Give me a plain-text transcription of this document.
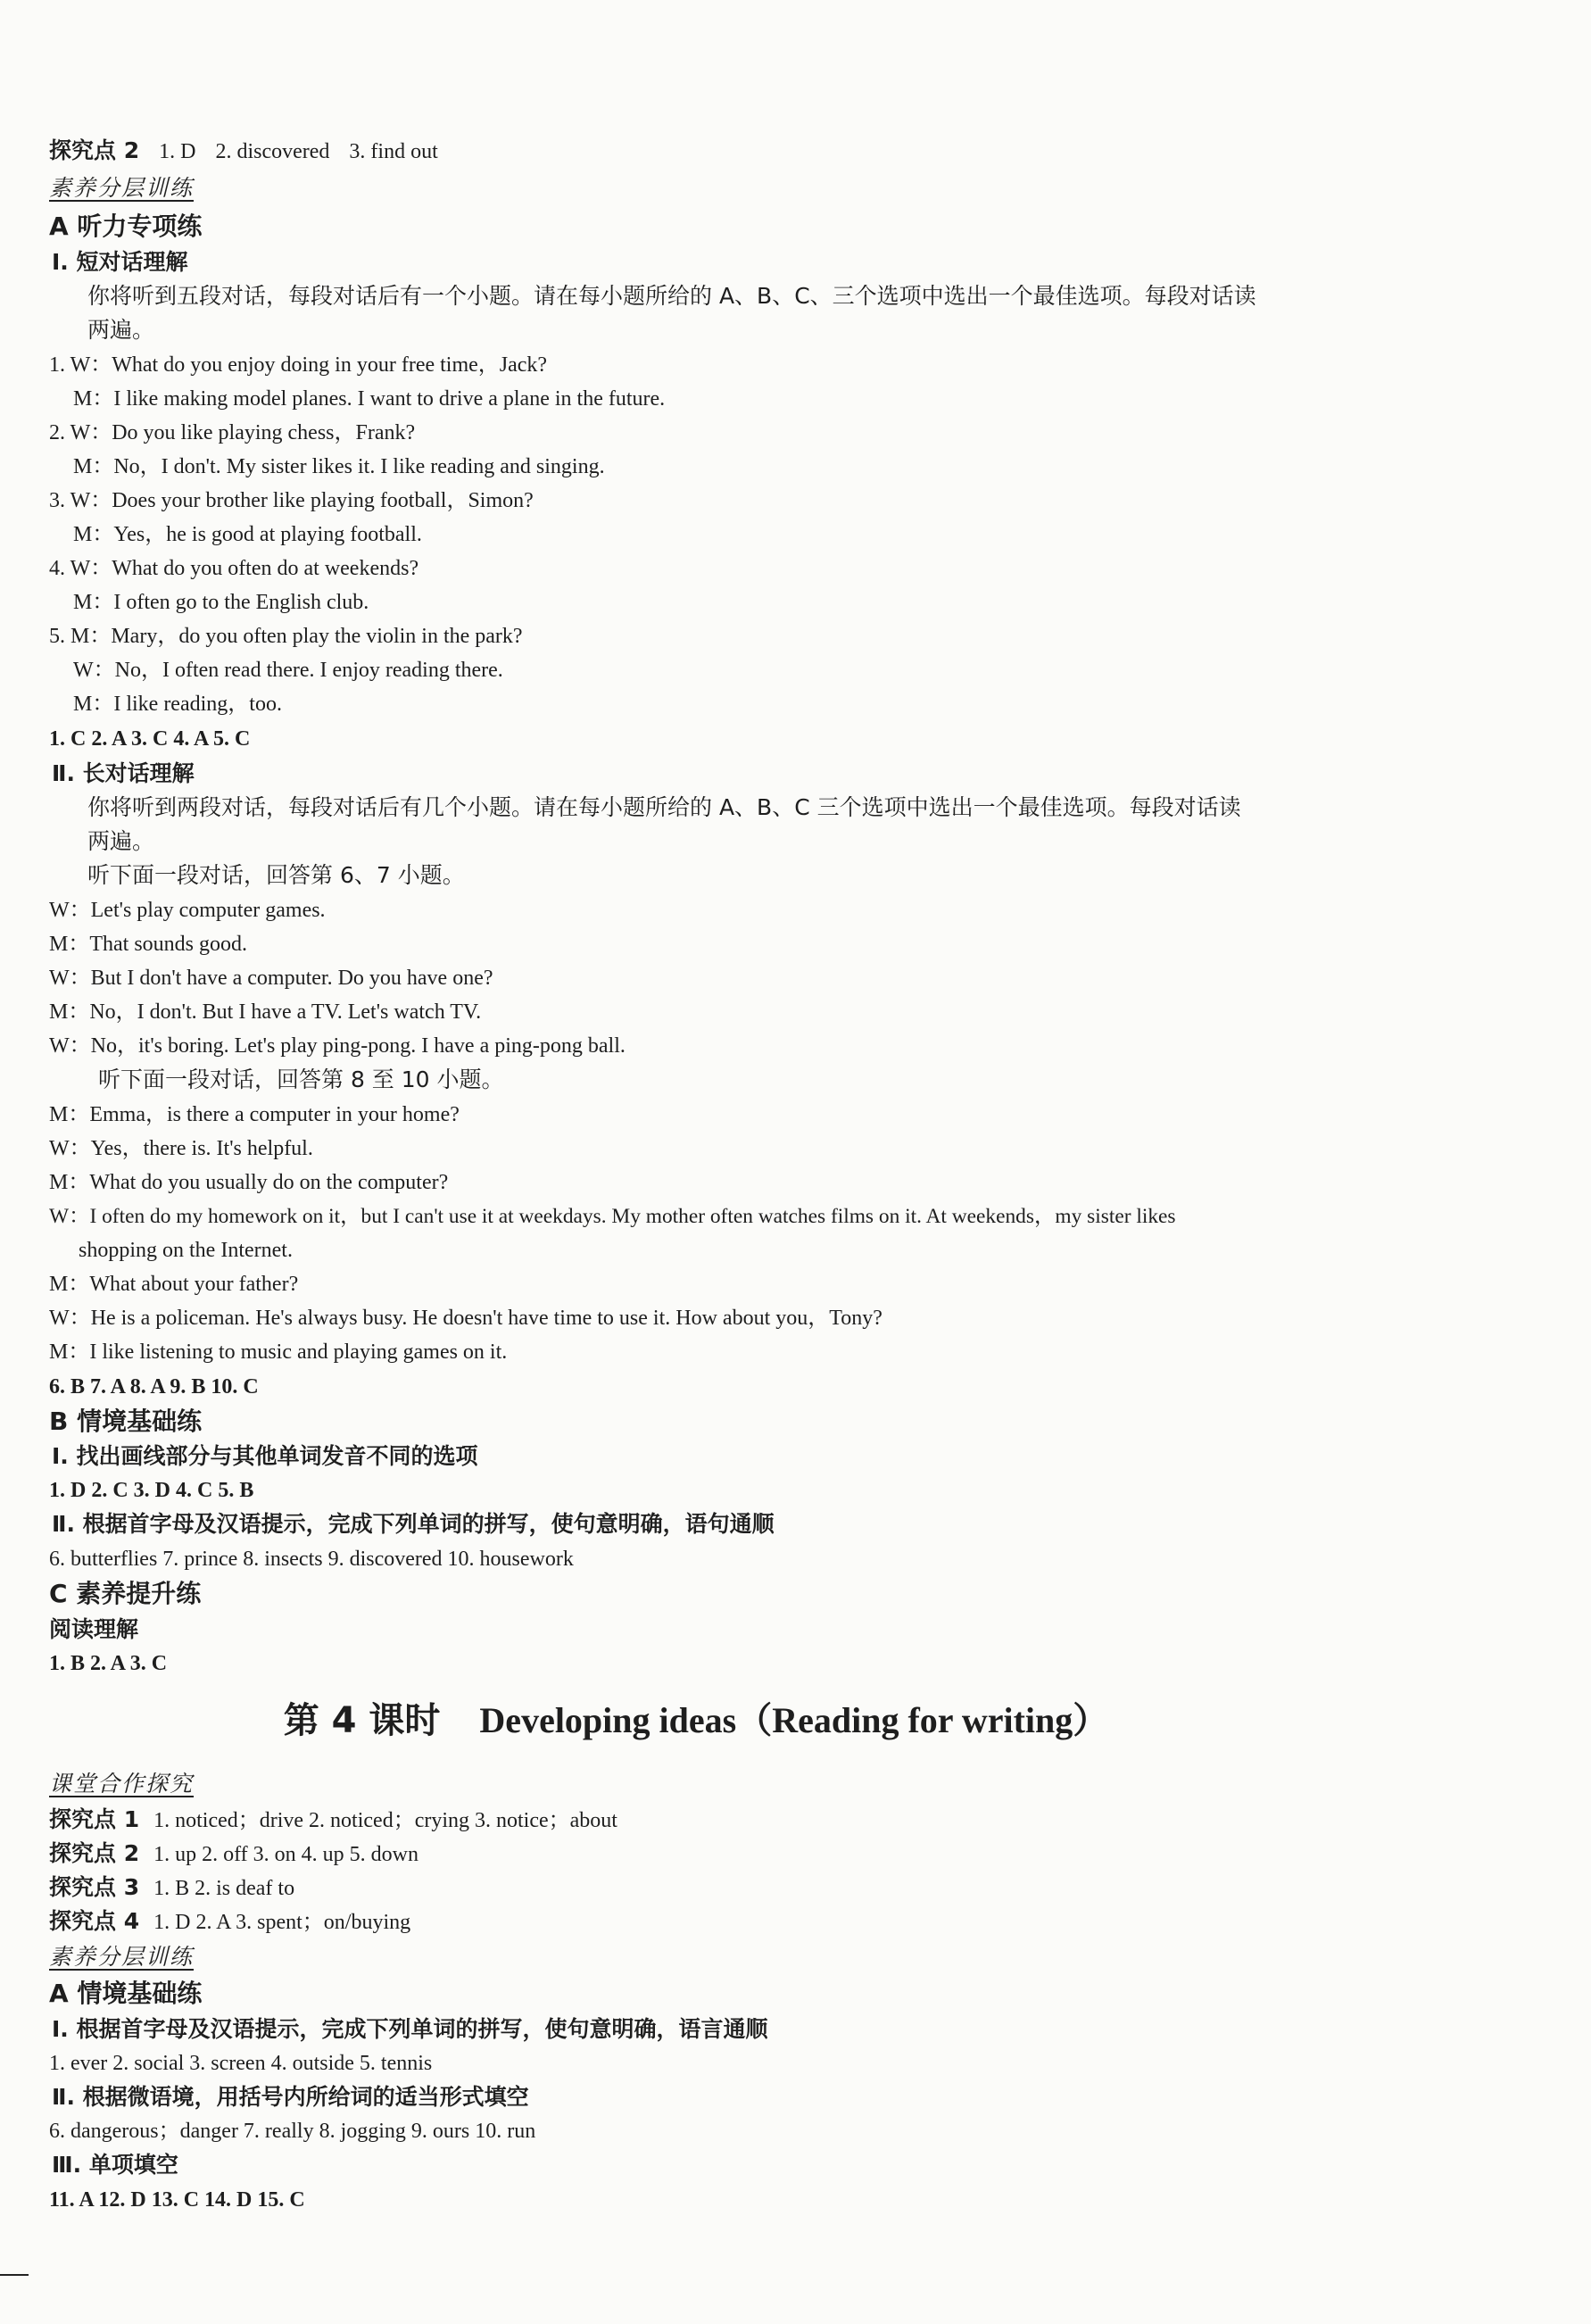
探究点 2 1. D 2. discovered 3. find out
素养分层训练
A 听力专项练
Ⅰ. 短对话理解
你将听到五段对话，每段对话后有一个小题。请在每小题所给的 A、B、C、三个选项中选出一个最佳选项。每段对话读
两遍。
1. W：What do you enjoy doing in your free time，Jack?
M：I like making model planes. I want to drive a plane in the future.
2. W：Do you like playing chess，Frank?
M：No，I don't. My sister likes it. I like reading and singing.
3. W：Does your brother like playing football，Simon?
M：Yes，he is good at playing football.
4. W：What do you often do at weekends?
M：I often go to the English club.
5. M：Mary，do you often play the violin in the park?
W：No，I often read there. I enjoy reading there.
M：I like reading，too.
1. C 2. A 3. C 4. A 5. C
Ⅱ. 长对话理解
你将听到两段对话，每段对话后有几个小题。请在每小题所给的 A、B、C 三个选项中选出一个最佳选项。每段对话读
两遍。
听下面一段对话，回答第 6、7 小题。
W：Let's play computer games.
M：That sounds good.
W：But I don't have a computer. Do you have one?
M：No，I don't. But I have a TV. Let's watch TV.
W：No，it's boring. Let's play ping-pong. I have a ping-pong ball.
听下面一段对话，回答第 8 至 10 小题。
M：Emma，is there a computer in your home?
W：Yes，there is. It's helpful.
M：What do you usually do on the computer?
W：I often do my homework on it，but I can't use it at weekdays. My mother often watches films on it. At weekends，my sister likes
shopping on the Internet.
M：What about your father?
W：He is a policeman. He's always busy. He doesn't have time to use it. How about you，Tony?
M：I like listening to music and playing games on it.
6. B 7. A 8. A 9. B 10. C
B 情境基础练
Ⅰ. 找出画线部分与其他单词发音不同的选项
1. D 2. C 3. D 4. C 5. B
Ⅱ. 根据首字母及汉语提示，完成下列单词的拼写，使句意明确，语句通顺
6. butterflies 7. prince 8. insects 9. discovered 10. housework
C 素养提升练
阅读理解
1. B 2. A 3. C
第 4 课时 Developing ideas（Reading for writing）
课堂合作探究
探究点 1 1. noticed；drive 2. noticed；crying 3. notice；about
探究点 2 1. up 2. off 3. on 4. up 5. down
探究点 3 1. B 2. is deaf to
探究点 4 1. D 2. A 3. spent；on/buying
素养分层训练
A 情境基础练
Ⅰ. 根据首字母及汉语提示，完成下列单词的拼写，使句意明确，语言通顺
1. ever 2. social 3. screen 4. outside 5. tennis
Ⅱ. 根据微语境，用括号内所给词的适当形式填空
6. dangerous；danger 7. really 8. jogging 9. ours 10. run
Ⅲ. 单项填空
11. A 12. D 13. C 14. D 15. C
